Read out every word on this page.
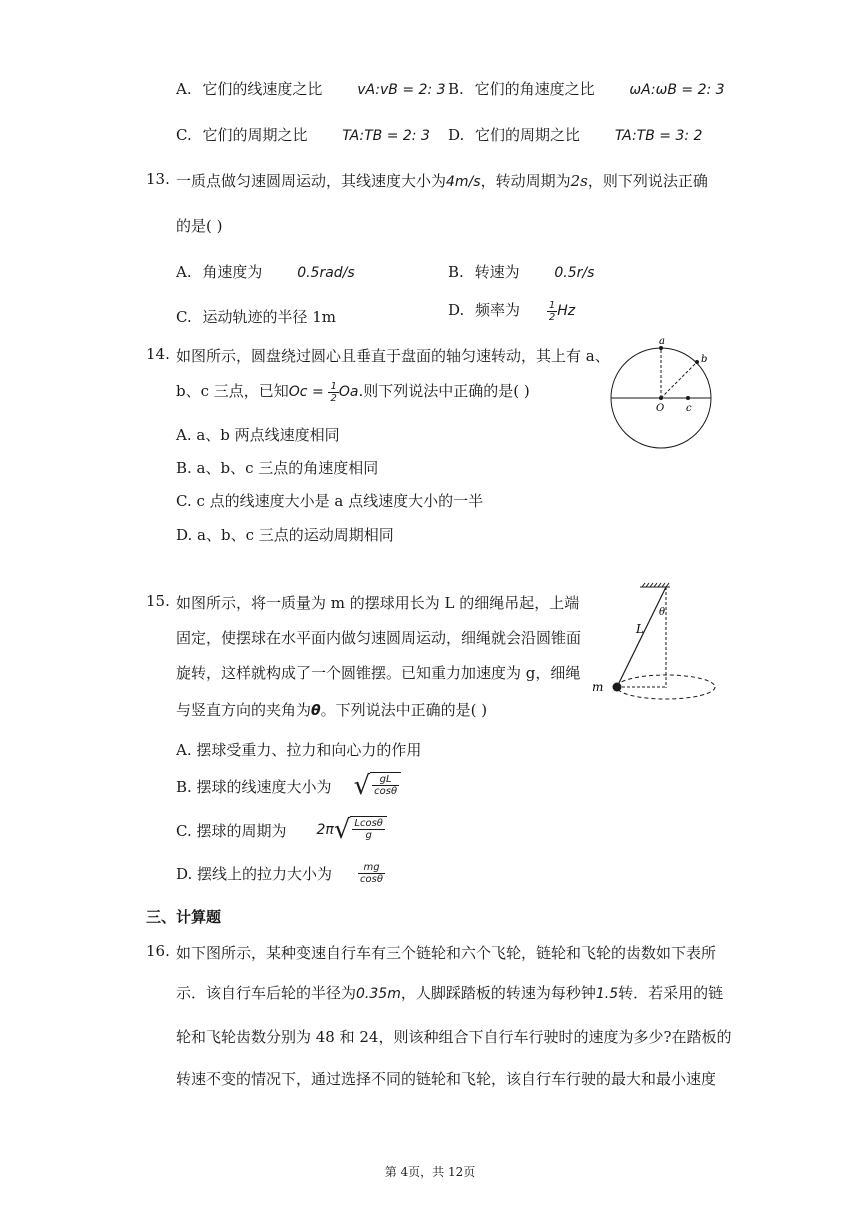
A. 它们的线速度之比 vA:vB = 2: 3 B. 它们的角速度之比 ωA:ωB = 2: 3
C. 它们的周期之比 TA:TB = 2: 3 D. 它们的周期之比 TA:TB = 3: 2
13. 一质点做匀速圆周运动，其线速度大小为4m/s，转动周期为2s，则下列说法正确
的是( )
A. 角速度为 0.5rad/s	B. 转速为 0.5r/s
C. 运动轨迹的半径 1m	D. 频率为	$\frac{1}{2}$ Hz
14. 如图所示，圆盘绕过圆心且垂直于盘面的轴匀速转动，其上有 a、
b、c 三点，已知$Oc = \frac{1}{2} Oa$.则下列说法中正确的是( )
A. a、b 两点线速度相同
B. a、b、c 三点的角速度相同
C. c 点的线速度大小是 a 点线速度大小的一半
D. a、b、c 三点的运动周期相同
a
b
O c
15. 如图所示，将一质量为 m 的摆球用长为 L 的细绳吊起，上端
固定，使摆球在水平面内做匀速圆周运动，细绳就会沿圆锥面
旋转，这样就构成了一个圆锥摆。已知重力加速度为 g，细绳
与竖直方向的夹角为θ。下列说法中正确的是( )
A. 摆球受重力、拉力和向心力的作用
B. 摆球的线速度大小为 √ $\frac{gL}{\cos\theta}$
C. 摆球的周期为 2π √ $\frac{Lcos\theta}{g}$
D. 摆线上的拉力大小为	$\frac{mg}{\cos\theta}$
L
θ
m
三、计算题
16. 如下图所示，某种变速自行车有三个链轮和六个飞轮，链轮和飞轮的齿数如下表所
示．该自行车后轮的半径为0.35m，人脚踩踏板的转速为每秒钟1.5转．若采用的链
轮和飞轮齿数分别为 48 和 24，则该种组合下自行车行驶时的速度为多少?在踏板的
转速不变的情况下，通过选择不同的链轮和飞轮，该自行车行驶的最大和最小速度
第 4页，共 12页
